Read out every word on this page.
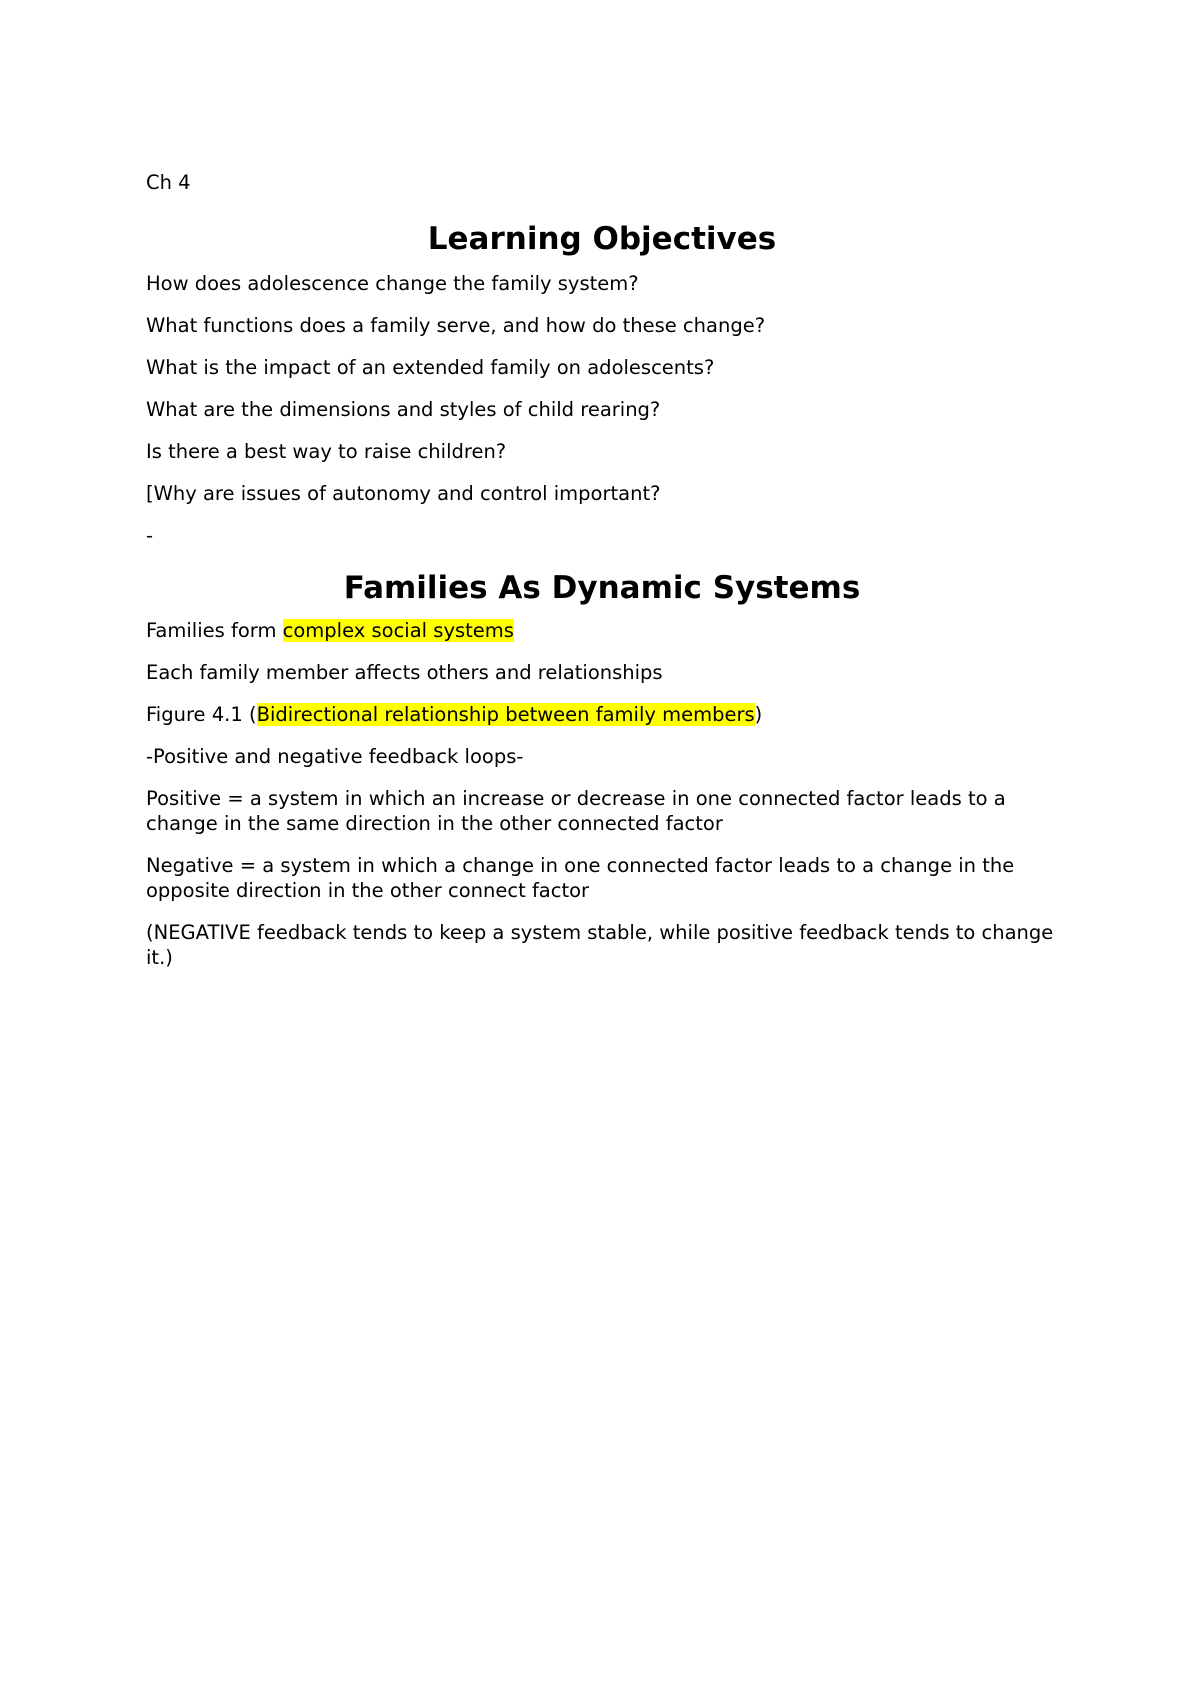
Ch 4

Learning Objectives

How does adolescence change the family system?

What functions does a family serve, and how do these change?

What is the impact of an extended family on adolescents?

What are the dimensions and styles of child rearing?

Is there a best way to raise children?

[Why are issues of autonomy and control important?

-

Families As Dynamic Systems

Families form complex social systems

Each family member affects others and relationships

Figure 4.1 (Bidirectional relationship between family members)

-Positive and negative feedback loops-

Positive = a system in which an increase or decrease in one connected factor leads to a change in the same direction in the other connected factor

Negative = a system in which a change in one connected factor leads to a change in the opposite direction in the other connect factor

(NEGATIVE feedback tends to keep a system stable, while positive feedback tends to change it.)
